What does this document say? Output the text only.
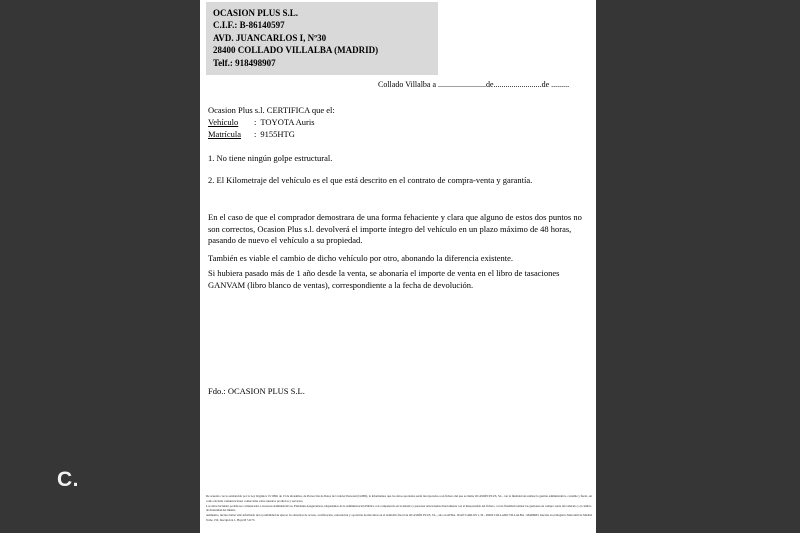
OCASION PLUS S.L.
C.I.F.: B-86140597
AVD. JUANCARLOS I, Nº30
28400 COLLADO VILLALBA (MADRID)
Telf.: 918498907
Collado Villalba a ........................de........................de .........
Ocasion Plus s.l. CERTIFICA que el:
Vehículo : TOYOTA Auris
Matrícula : 9155HTG
1. No tiene ningún golpe estructural.
2. El Kilometraje del vehículo es el que está descrito en el contrato de compra-venta y garantía.
En el caso de que el comprador demostrara de una forma fehaciente y clara que alguno de estos dos puntos no son correctos, Ocasion Plus s.l. devolverá el importe íntegro del vehículo en un plazo máximo de 48 horas, pasando de nuevo el vehículo a su propiedad.
También es viable el cambio de dicho vehículo por otro, abonando la diferencia existente.
Si hubiera pasado más de 1 año desde la venta, se abonaría el importe de venta en el libro de tasaciones GANVAM (libro blanco de ventas), correspondiente a la fecha de devolución.
Fdo.: OCASION PLUS S.L.

De acuerdo con lo establecido por la Ley Orgánica 15/1999, de 13 de diciembre, de Protección de Datos de Carácter Personal (LOPD), le informamos que los datos aportados serán incorporados a un fichero del que es titular OCASIÓN PLUS, S.L. con la finalidad de realizar la gestión administrativa, contable y fiscal, así como enviarle comunicaciones comerciales sobre nuestros productos y servicios.

Los datos incluidos podrán ser comunicados a Gestores Administrativos, Entidades Aseguradoras, Organismos de la Administración Pública con competencia en la materia y personas relacionadas directamente con el Responsable del fichero, con la finalidad realizar las gestiones de compra venta del vehículo y el cambio de titularidad del mismo.

Asimismo, declaro haber sido informado de la posibilidad de ejercer los derechos de acceso, rectificación, cancelación y oposición de mis datos en el domicilio fiscal de OCASIÓN PLUS, S.L., sito en AVDA. JUAN CARLOS I, 30 - 28400 COLLADO VILLALBA - MADRID. Inscrita en el Registro Mercantil de Madrid Tomo 150, Inscripción 1, Hoja M 51173.

C.
